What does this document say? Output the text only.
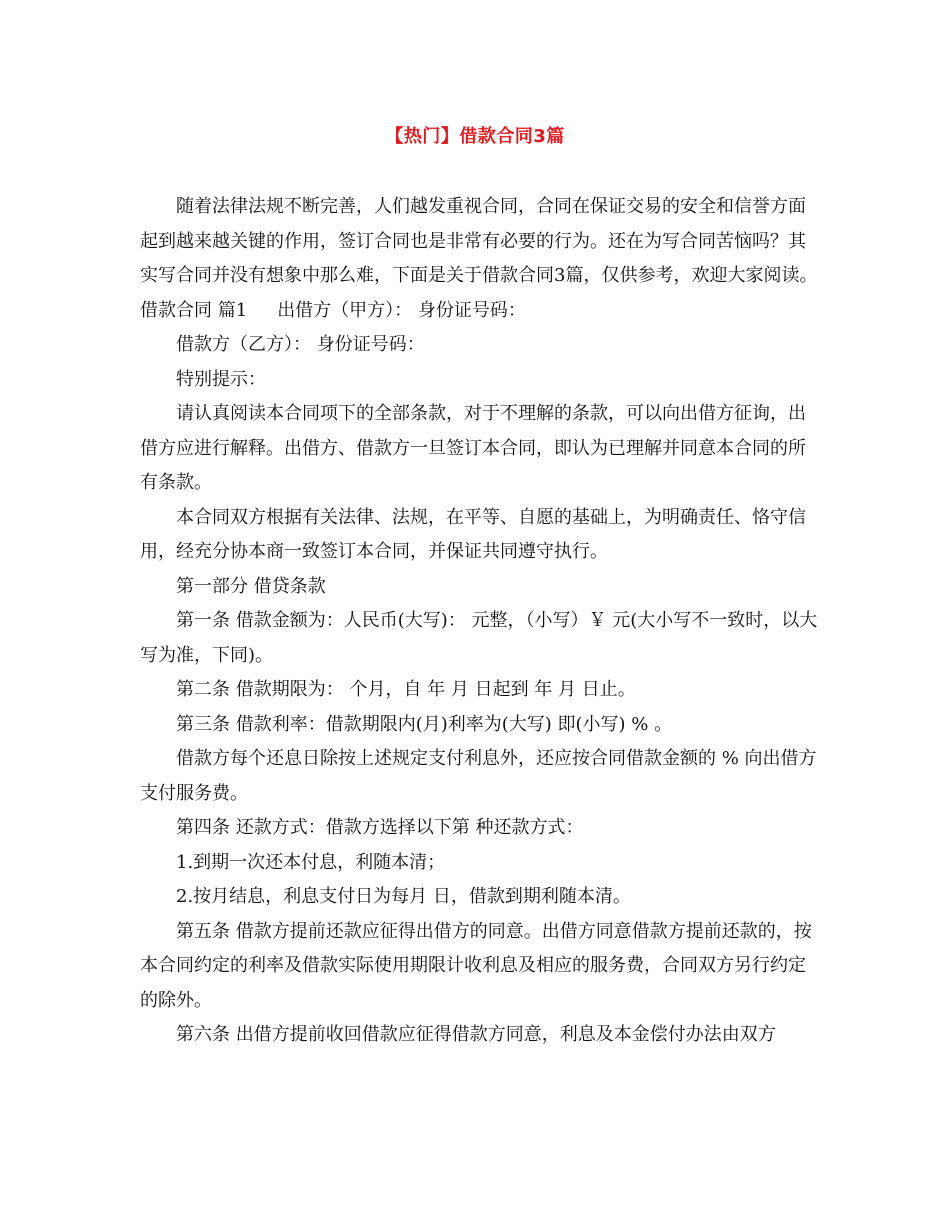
【热门】借款合同3篇

随着法律法规不断完善，人们越发重视合同，合同在保证交易的安全和信誉方面起到越来越关键的作用，签订合同也是非常有必要的行为。还在为写合同苦恼吗？其实写合同并没有想象中那么难，下面是关于借款合同3篇，仅供参考，欢迎大家阅读。

借款合同 篇1 出借方（甲方）： 身份证号码：

借款方（乙方）： 身份证号码：

特别提示：

请认真阅读本合同项下的全部条款，对于不理解的条款，可以向出借方征询，出借方应进行解释。出借方、借款方一旦签订本合同，即认为已理解并同意本合同的所有条款。

本合同双方根据有关法律、法规，在平等、自愿的基础上，为明确责任、恪守信用，经充分协本商一致签订本合同，并保证共同遵守执行。

第一部分 借贷条款

第一条 借款金额为：人民币(大写)： 元整，（小写）￥ 元(大小写不一致时，以大写为准，下同)。

第二条 借款期限为： 个月，自 年 月 日起到 年 月 日止。

第三条 借款利率：借款期限内(月)利率为(大写) 即(小写) % 。

借款方每个还息日除按上述规定支付利息外，还应按合同借款金额的 % 向出借方支付服务费。

第四条 还款方式：借款方选择以下第 种还款方式：

1.到期一次还本付息，利随本清；

2.按月结息，利息支付日为每月 日，借款到期利随本清。

第五条 借款方提前还款应征得出借方的同意。出借方同意借款方提前还款的，按本合同约定的利率及借款实际使用期限计收利息及相应的服务费，合同双方另行约定的除外。

第六条 出借方提前收回借款应征得借款方同意，利息及本金偿付办法由双方
